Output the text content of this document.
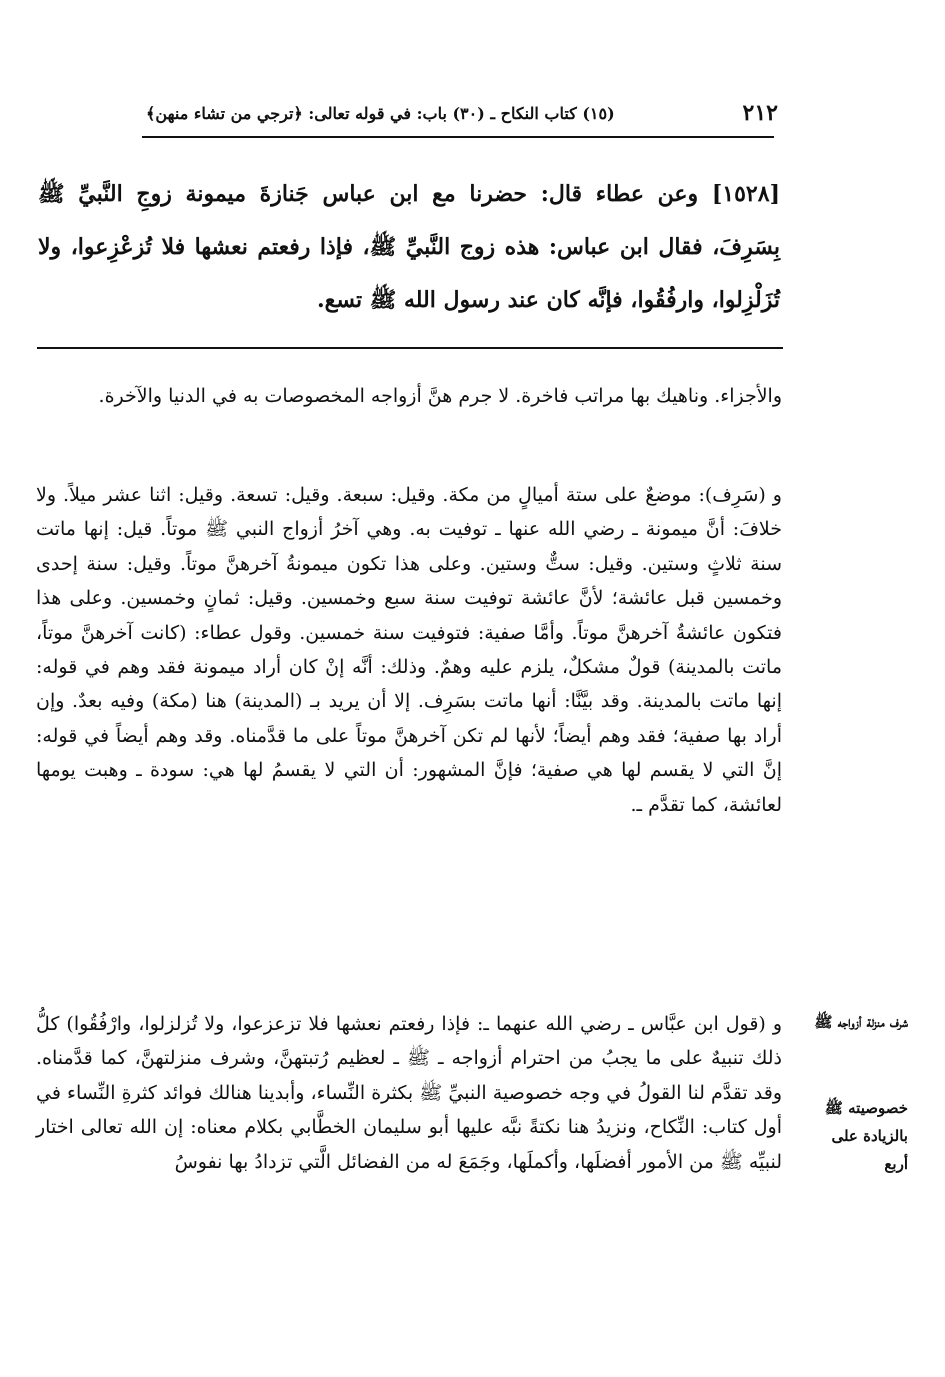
٢١٢
(١٥) كتاب النكاح ـ (٣٠) باب: في قوله تعالى: ﴿ترجي من تشاء منهن﴾
[١٥٢٨] وعن عطاء قال: حضرنا مع ابن عباس جَنازةَ ميمونة زوجِ النَّبيِّ ﷺ بِسَرِفَ، فقال ابن عباس: هذه زوج النَّبيِّ ﷺ، فإذا رفعتم نعشها فلا تُزعْزِعوا، ولا تُزَلْزِلوا، وارفُقُوا، فإنَّه كان عند رسول الله ﷺ تسع.

والأجزاء. وناهيك بها مراتب فاخرة. لا جرم هنَّ أزواجه المخصوصات به في الدنيا والآخرة.

و (سَرِف): موضعٌ على ستة أميالٍ من مكة. وقيل: سبعة. وقيل: تسعة. وقيل: اثنا عشر ميلاً. ولا خلافَ: أنَّ ميمونة ـ رضي الله عنها ـ توفيت به. وهي آخرُ أزواج النبي ﷺ موتاً. قيل: إنها ماتت سنة ثلاثٍ وستين. وقيل: ستٌّ وستين. وعلى هذا تكون ميمونةُ آخرهنَّ موتاً. وقيل: سنة إحدى وخمسين قبل عائشة؛ لأنَّ عائشة توفيت سنة سبع وخمسين. وقيل: ثمانٍ وخمسين. وعلى هذا فتكون عائشةُ آخرهنَّ موتاً. وأمَّا صفية: فتوفيت سنة خمسين. وقول عطاء: (كانت آخرهنَّ موتاً، ماتت بالمدينة) قولٌ مشكلٌ، يلزم عليه وهمٌ. وذلك: أنَّه إنْ كان أراد ميمونة فقد وهم في قوله: إنها ماتت بالمدينة. وقد بيَّنَّا: أنها ماتت بسَرِف. إلا أن يريد بـ (المدينة) هنا (مكة) وفيه بعدٌ. وإن أراد بها صفية؛ فقد وهم أيضاً؛ لأنها لم تكن آخرهنَّ موتاً على ما قدَّمناه. وقد وهم أيضاً في قوله: إنَّ التي لا يقسم لها هي صفية؛ فإنَّ المشهور: أن التي لا يقسمُ لها هي: سودة ـ وهبت يومها لعائشة، كما تقدَّم ـ.

و (قول ابن عبَّاس ـ رضي الله عنهما ـ: فإذا رفعتم نعشها فلا تزعزعوا، ولا تُزلزلوا، وارْفُقُوا) كلُّ ذلك تنبيهٌ على ما يجبُ من احترام أزواجه ـ ﷺ ـ لعظيم رُتبتهنَّ، وشرف منزلتهنَّ، كما قدَّمناه. وقد تقدَّم لنا القولُ في وجه خصوصية النبيِّ ﷺ بكثرة النِّساء، وأبدينا هنالك فوائد كثرةِ النِّساء في أول كتاب: النِّكاح، ونزيدُ هنا نكتةً نبَّه عليها أبو سليمان الخطَّابي بكلام معناه: إن الله تعالى اختار لنبيِّه ﷺ من الأمور أفضلَها، وأكملَها، وجَمَعَ له من الفضائل الَّتي تزدادُ بها نفوسُ

شرف منزلة أزواجه ﷺ
خصوصيته ﷺ بالزيادة على أربع
